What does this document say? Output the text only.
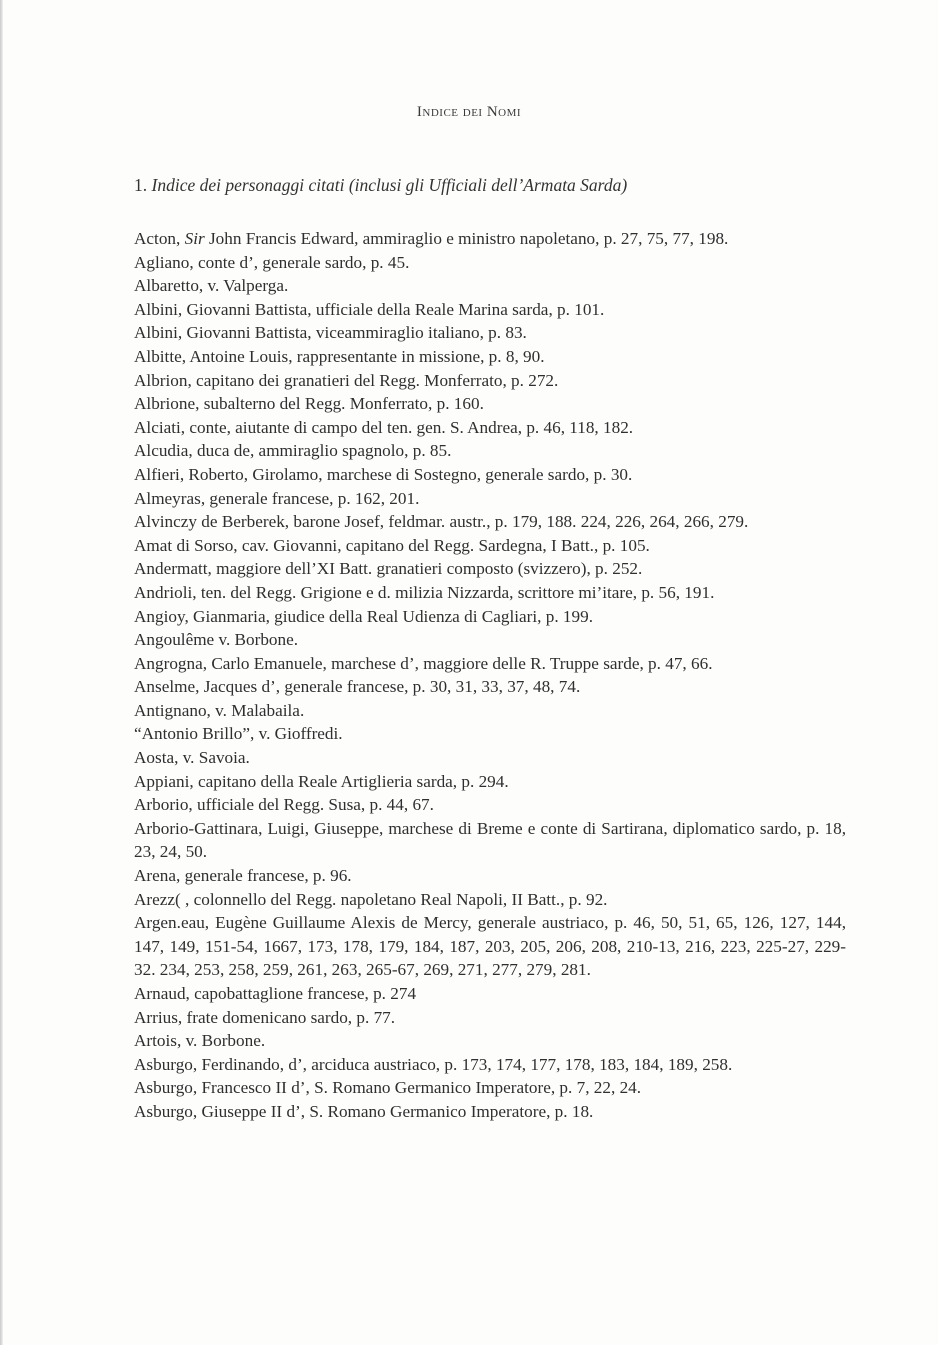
Indice dei Nomi
1. Indice dei personaggi citati (inclusi gli Ufficiali dell’Armata Sarda)

Acton, Sir John Francis Edward, ammiraglio e ministro napoletano, p. 27, 75, 77, 198.

Agliano, conte d’, generale sardo, p. 45.

Albaretto, v. Valperga.

Albini, Giovanni Battista, ufficiale della Reale Marina sarda, p. 101.

Albini, Giovanni Battista, viceammiraglio italiano, p. 83.

Albitte, Antoine Louis, rappresentante in missione, p. 8, 90.

Albrion, capitano dei granatieri del Regg. Monferrato, p. 272.

Albrione, subalterno del Regg. Monferrato, p. 160.

Alciati, conte, aiutante di campo del ten. gen. S. Andrea, p. 46, 118, 182.

Alcudia, duca de, ammiraglio spagnolo, p. 85.

Alfieri, Roberto, Girolamo, marchese di Sostegno, generale sardo, p. 30.

Almeyras, generale francese, p. 162, 201.

Alvinczy de Berberek, barone Josef, feldmar. austr., p. 179, 188. 224, 226, 264, 266, 279.

Amat di Sorso, cav. Giovanni, capitano del Regg. Sardegna, I Batt., p. 105.

Andermatt, maggiore dell’XI Batt. granatieri composto (svizzero), p. 252.

Andrioli, ten. del Regg. Grigione e d. milizia Nizzarda, scrittore mi’itare, p. 56, 191.

Angioy, Gianmaria, giudice della Real Udienza di Cagliari, p. 199.

Angoulême v. Borbone.

Angrogna, Carlo Emanuele, marchese d’, maggiore delle R. Truppe sarde, p. 47, 66.

Anselme, Jacques d’, generale francese, p. 30, 31, 33, 37, 48, 74.

Antignano, v. Malabaila.

“Antonio Brillo”, v. Gioffredi.

Aosta, v. Savoia.

Appiani, capitano della Reale Artiglieria sarda, p. 294.

Arborio, ufficiale del Regg. Susa, p. 44, 67.

Arborio-Gattinara, Luigi, Giuseppe, marchese di Breme e conte di Sartirana, diplomatico sardo, p. 18, 23, 24, 50.

Arena, generale francese, p. 96.

Arezz( , colonnello del Regg. napoletano Real Napoli, II Batt., p. 92.

Argen.eau, Eugène Guillaume Alexis de Mercy, generale austriaco, p. 46, 50, 51, 65, 126, 127, 144, 147, 149, 151-54, 1667, 173, 178, 179, 184, 187, 203, 205, 206, 208, 210-13, 216, 223, 225-27, 229-32. 234, 253, 258, 259, 261, 263, 265-67, 269, 271, 277, 279, 281.

Arnaud, capobattaglione francese, p. 274

Arrius, frate domenicano sardo, p. 77.

Artois, v. Borbone.

Asburgo, Ferdinando, d’, arciduca austriaco, p. 173, 174, 177, 178, 183, 184, 189, 258.

Asburgo, Francesco II d’, S. Romano Germanico Imperatore, p. 7, 22, 24.

Asburgo, Giuseppe II d’, S. Romano Germanico Imperatore, p. 18.
